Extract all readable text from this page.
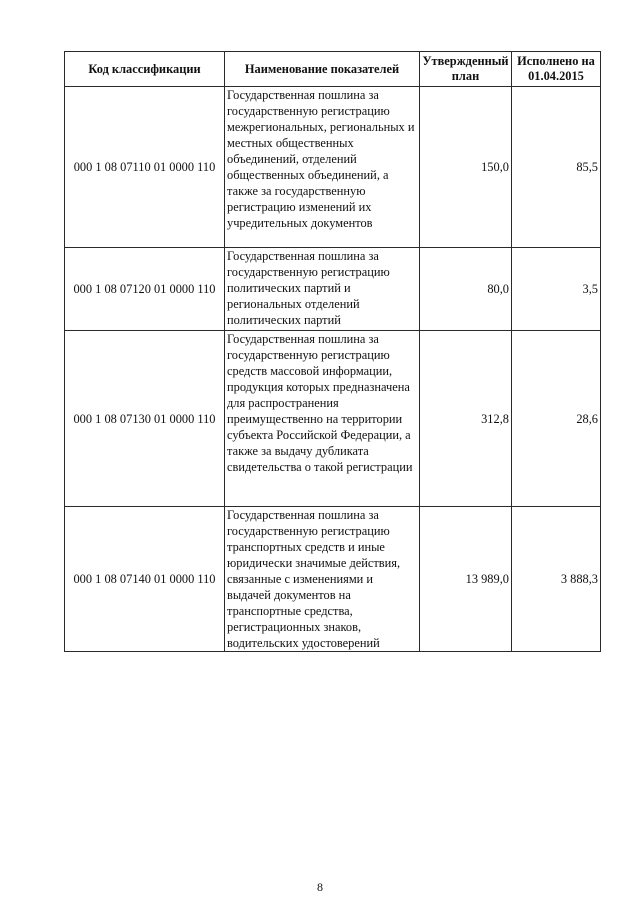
Код классификации	Наименование показателей	Утвержденный план	Исполнено на 01.04.2015
000 1 08 07110 01 0000 110	Государственная пошлина за государственную регистрацию межрегиональных, региональных и местных общественных объединений, отделений общественных объединений, а также за государственную регистрацию изменений их учредительных документов	150,0	85,5
000 1 08 07120 01 0000 110	Государственная пошлина за государственную регистрацию политических партий и региональных отделений политических партий	80,0	3,5
000 1 08 07130 01 0000 110	Государственная пошлина за государственную регистрацию средств массовой информации, продукция которых предназначена для распространения преимущественно на территории субъекта Российской Федерации, а также за выдачу дубликата свидетельства о такой регистрации	312,8	28,6
000 1 08 07140 01 0000 110	Государственная пошлина за государственную регистрацию транспортных средств и иные юридически значимые действия, связанные с изменениями и выдачей документов на транспортные средства, регистрационных знаков, водительских удостоверений	13 989,0	3 888,3
8
